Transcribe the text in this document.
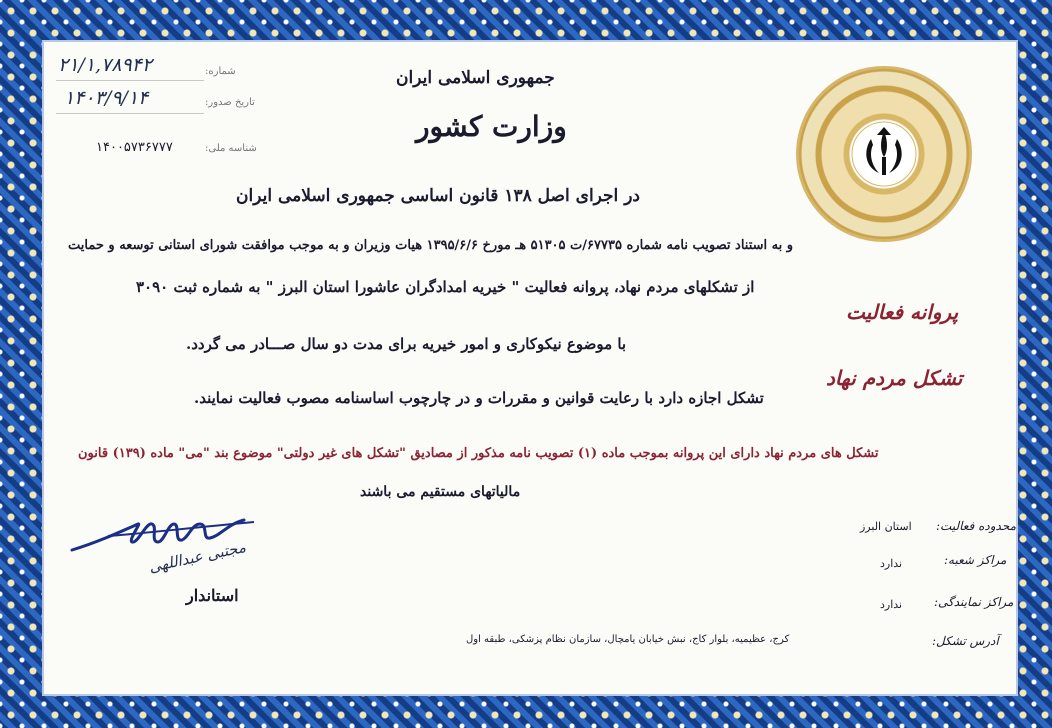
شماره:
۲۱/۱,۷۸۹۴۲
تاریخ صدور:
۱۴۰۳/۹/۱۴
شناسه ملی:
۱۴۰۰۵۷۳۶۷۷۷
جمهوری اسلامی ایران
وزارت کشور
در اجرای اصل ۱۳۸ قانون اساسی جمهوری اسلامی ایران
و به استناد تصویب نامه شماره ۶۷۷۳۵/ت ۵۱۳۰۵ هـ مورخ ۱۳۹۵/۶/۶ هیات وزیران و به موجب موافقت شورای استانی توسعه و حمایت
از تشکلهای مردم نهاد، پروانه فعالیت " خیریه امدادگران عاشورا استان البرز " به شماره ثبت ۳۰۹۰
با موضوع نیکوکاری و امور خیریه برای مدت دو سال صـــادر می گردد.
تشکل اجازه دارد با رعایت قوانین و مقررات و در چارچوب اساسنامه مصوب فعالیت نمایند.
تشکل های مردم نهاد دارای این پروانه بموجب ماده (۱) تصویب نامه مذکور از مصادیق "تشکل های غیر دولتی" موضوع بند "می" ماده (۱۳۹) قانون
مالیاتهای مستقیم می باشند
پروانه فعالیت
تشکل مردم نهاد
محدوده فعالیت:
استان البرز
مراکز شعبه:
ندارد
مراکز نمایندگی:
ندارد
آدرس تشکل:
کرج، عظیمیه، بلوار کاج، نبش خیابان یامچال، سازمان نظام پزشکی، طبقه اول
مجتبی عبداللهی
استاندار
